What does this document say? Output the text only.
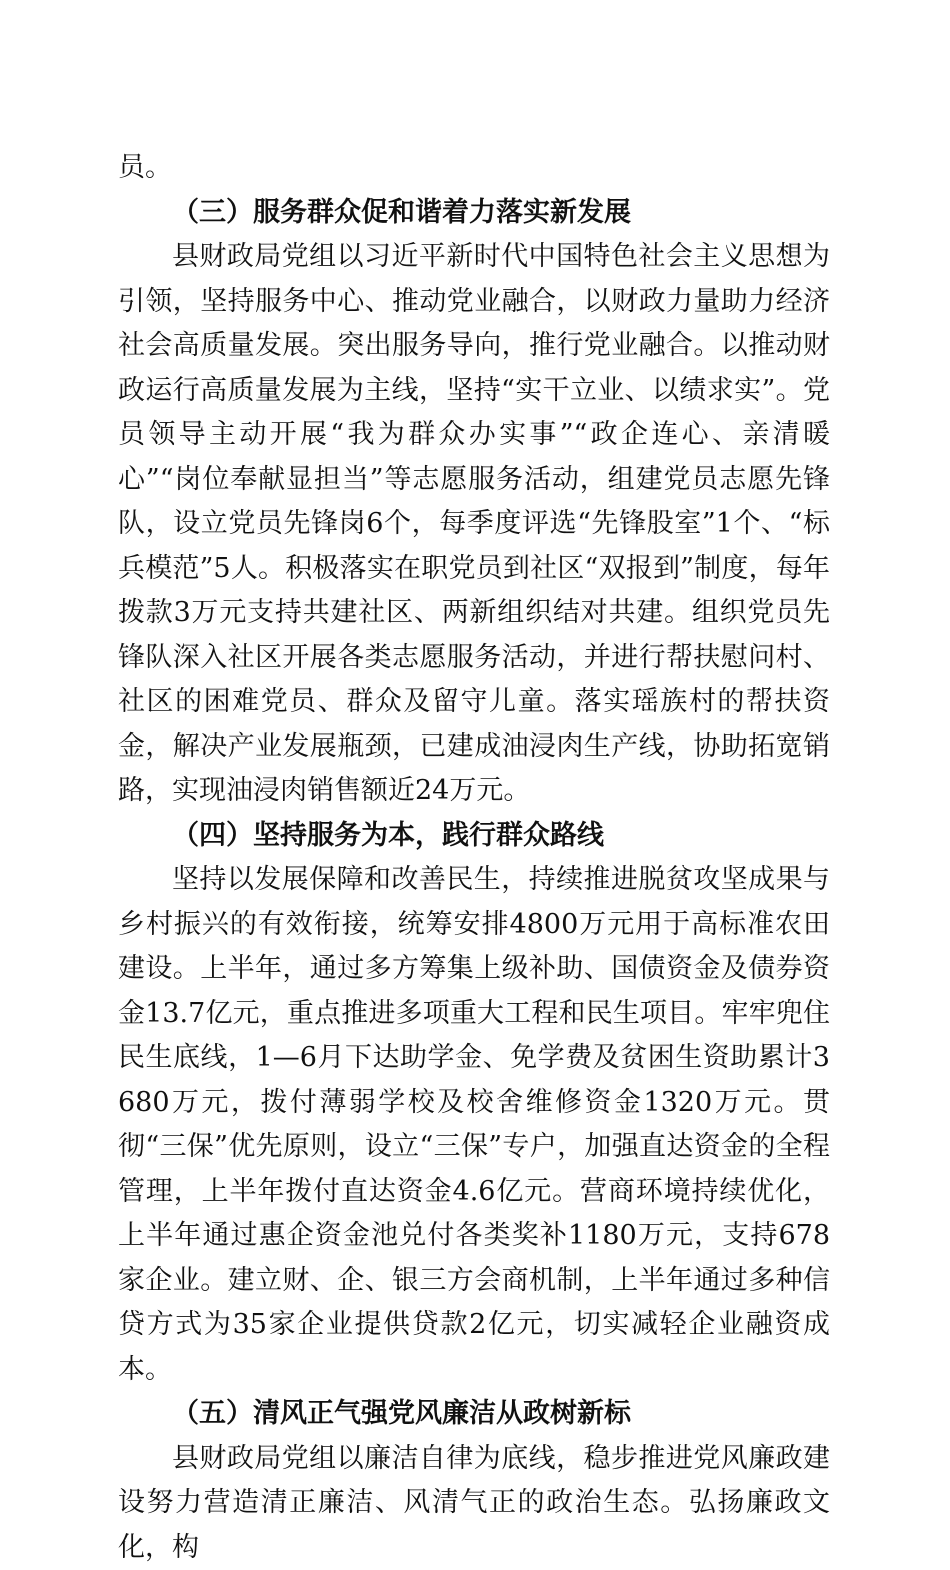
员。

（三）服务群众促和谐着力落实新发展

县财政局党组以习近平新时代中国特色社会主义思想为引领，坚持服务中心、推动党业融合，以财政力量助力经济社会高质量发展。突出服务导向，推行党业融合。以推动财政运行高质量发展为主线，坚持“实干立业、以绩求实”。党员领导主动开展“我为群众办实事”“政企连心、亲清暖心”“岗位奉献显担当”等志愿服务活动，组建党员志愿先锋队，设立党员先锋岗6个，每季度评选“先锋股室”1个、“标兵模范”5人。积极落实在职党员到社区“双报到”制度，每年拨款3万元支持共建社区、两新组织结对共建。组织党员先锋队深入社区开展各类志愿服务活动，并进行帮扶慰问村、社区的困难党员、群众及留守儿童。落实瑶族村的帮扶资金，解决产业发展瓶颈，已建成油浸肉生产线，协助拓宽销路，实现油浸肉销售额近24万元。

（四）坚持服务为本，践行群众路线

坚持以发展保障和改善民生，持续推进脱贫攻坚成果与乡村振兴的有效衔接，统筹安排4800万元用于高标准农田建设。上半年，通过多方筹集上级补助、国债资金及债券资金13.7亿元，重点推进多项重大工程和民生项目。牢牢兜住民生底线，1—6月下达助学金、免学费及贫困生资助累计3680万元，拨付薄弱学校及校舍维修资金1320万元。贯彻“三保”优先原则，设立“三保”专户，加强直达资金的全程管理，上半年拨付直达资金4.6亿元。营商环境持续优化，上半年通过惠企资金池兑付各类奖补1180万元，支持678家企业。建立财、企、银三方会商机制，上半年通过多种信贷方式为35家企业提供贷款2亿元，切实减轻企业融资成本。

（五）清风正气强党风廉洁从政树新标

县财政局党组以廉洁自律为底线，稳步推进党风廉政建设努力营造清正廉洁、风清气正的政治生态。弘扬廉政文化，构
